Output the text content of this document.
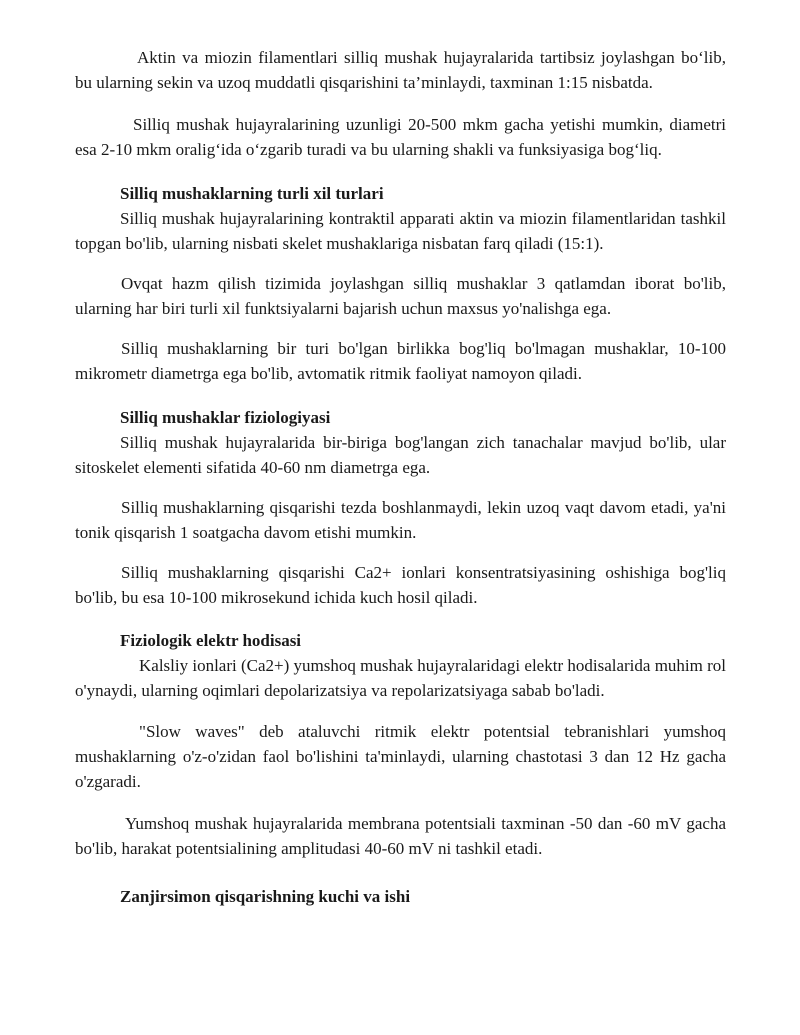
Aktin va miozin filamentlari silliq mushak hujayralarida tartibsiz joylashgan bo‘lib, bu ularning sekin va uzoq muddatli qisqarishini ta’minlaydi, taxminan 1:15 nisbatda.

Silliq mushak hujayralarining uzunligi 20-500 mkm gacha yetishi mumkin, diametri esa 2-10 mkm oralig‘ida o‘zgarib turadi va bu ularning shakli va funksiyasiga bog‘liq.

Silliq mushaklarning turli xil turlari

Silliq mushak hujayralarining kontraktil apparati aktin va miozin filamentlaridan tashkil topgan bo'lib, ularning nisbati skelet mushaklariga nisbatan farq qiladi (15:1).

Ovqat hazm qilish tizimida joylashgan silliq mushaklar 3 qatlamdan iborat bo'lib, ularning har biri turli xil funktsiyalarni bajarish uchun maxsus yo'nalishga ega.

Silliq mushaklarning bir turi bo'lgan birlikka bog'liq bo'lmagan mushaklar, 10-100 mikrometr diametrga ega bo'lib, avtomatik ritmik faoliyat namoyon qiladi.

Silliq mushaklar fiziologiyasi

Silliq mushak hujayralarida bir-biriga bog'langan zich tanachalar mavjud bo'lib, ular sitoskelet elementi sifatida 40-60 nm diametrga ega.

Silliq mushaklarning qisqarishi tezda boshlanmaydi, lekin uzoq vaqt davom etadi, ya'ni tonik qisqarish 1 soatgacha davom etishi mumkin.

Silliq mushaklarning qisqarishi Ca2+ ionlari konsentratsiyasining oshishiga bog'liq bo'lib, bu esa 10-100 mikrosekund ichida kuch hosil qiladi.

Fiziologik elektr hodisasi

Kalsliy ionlari (Ca2+) yumshoq mushak hujayralaridagi elektr hodisalarida muhim rol o'ynaydi, ularning oqimlari depolarizatsiya va repolarizatsiyaga sabab bo'ladi.

"Slow waves" deb ataluvchi ritmik elektr potentsial tebranishlari yumshoq mushaklarning o'z-o'zidan faol bo'lishini ta'minlaydi, ularning chastotasi 3 dan 12 Hz gacha o'zgaradi.

Yumshoq mushak hujayralarida membrana potentsiali taxminan -50 dan -60 mV gacha bo'lib, harakat potentsialining amplitudasi 40-60 mV ni tashkil etadi.

Zanjirsimon qisqarishning kuchi va ishi
